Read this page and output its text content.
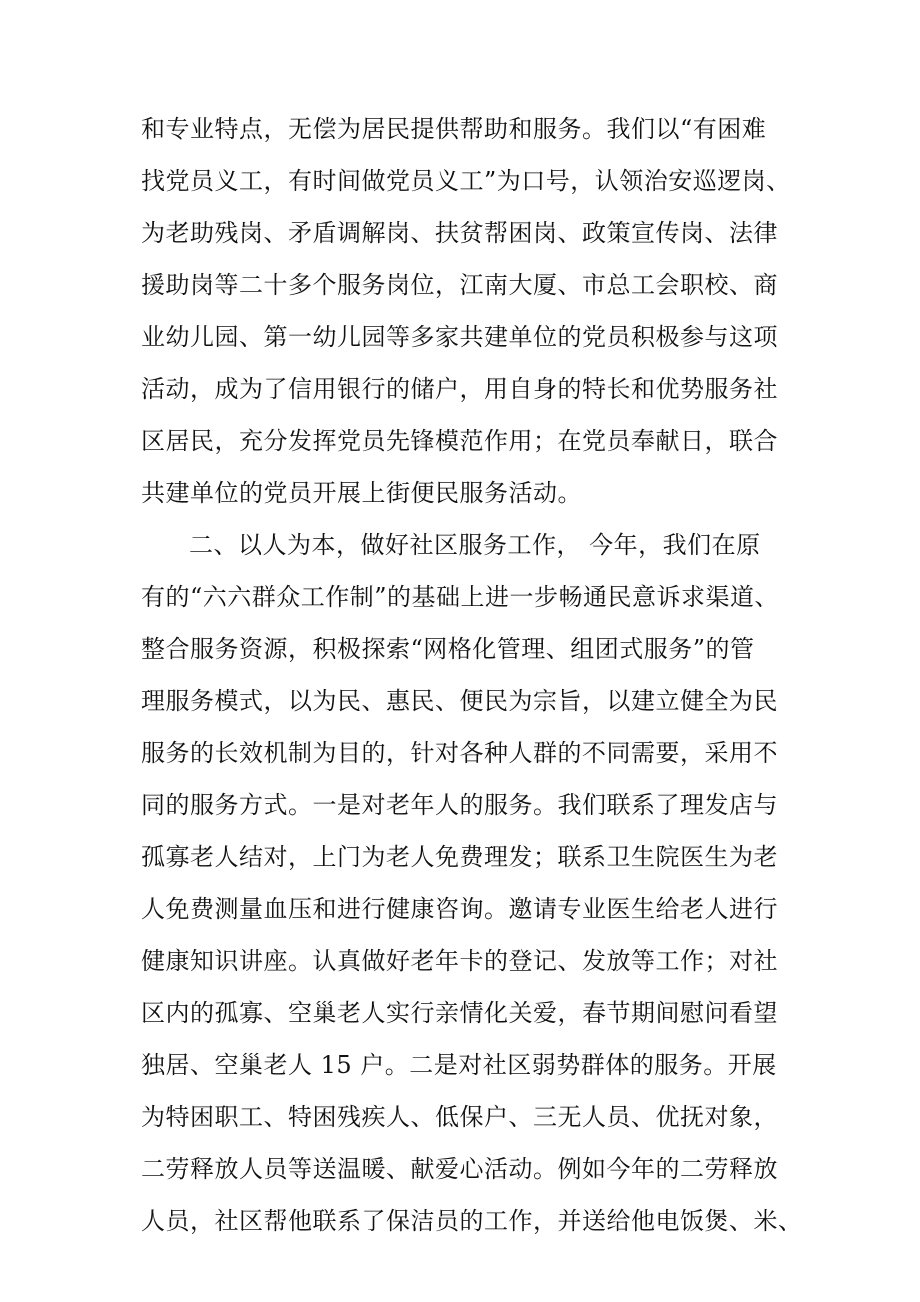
和专业特点，无偿为居民提供帮助和服务。我们以“有困难
找党员义工，有时间做党员义工”为口号，认领治安巡逻岗、
为老助残岗、矛盾调解岗、扶贫帮困岗、政策宣传岗、法律
援助岗等二十多个服务岗位，江南大厦、市总工会职校、商
业幼儿园、第一幼儿园等多家共建单位的党员积极参与这项
活动，成为了信用银行的储户，用自身的特长和优势服务社
区居民，充分发挥党员先锋模范作用；在党员奉献日，联合
共建单位的党员开展上街便民服务活动。
二、以人为本，做好社区服务工作， 今年，我们在原
有的“六六群众工作制”的基础上进一步畅通民意诉求渠道、
整合服务资源，积极探索“网格化管理、组团式服务”的管
理服务模式，以为民、惠民、便民为宗旨，以建立健全为民
服务的长效机制为目的，针对各种人群的不同需要，采用不
同的服务方式。一是对老年人的服务。我们联系了理发店与
孤寡老人结对，上门为老人免费理发；联系卫生院医生为老
人免费测量血压和进行健康咨询。邀请专业医生给老人进行
健康知识讲座。认真做好老年卡的登记、发放等工作；对社
区内的孤寡、空巢老人实行亲情化关爱，春节期间慰问看望
独居、空巢老人 15 户。二是对社区弱势群体的服务。开展
为特困职工、特困残疾人、低保户、三无人员、优抚对象，
二劳释放人员等送温暖、献爱心活动。例如今年的二劳释放
人员，社区帮他联系了保洁员的工作，并送给他电饭煲、米、
